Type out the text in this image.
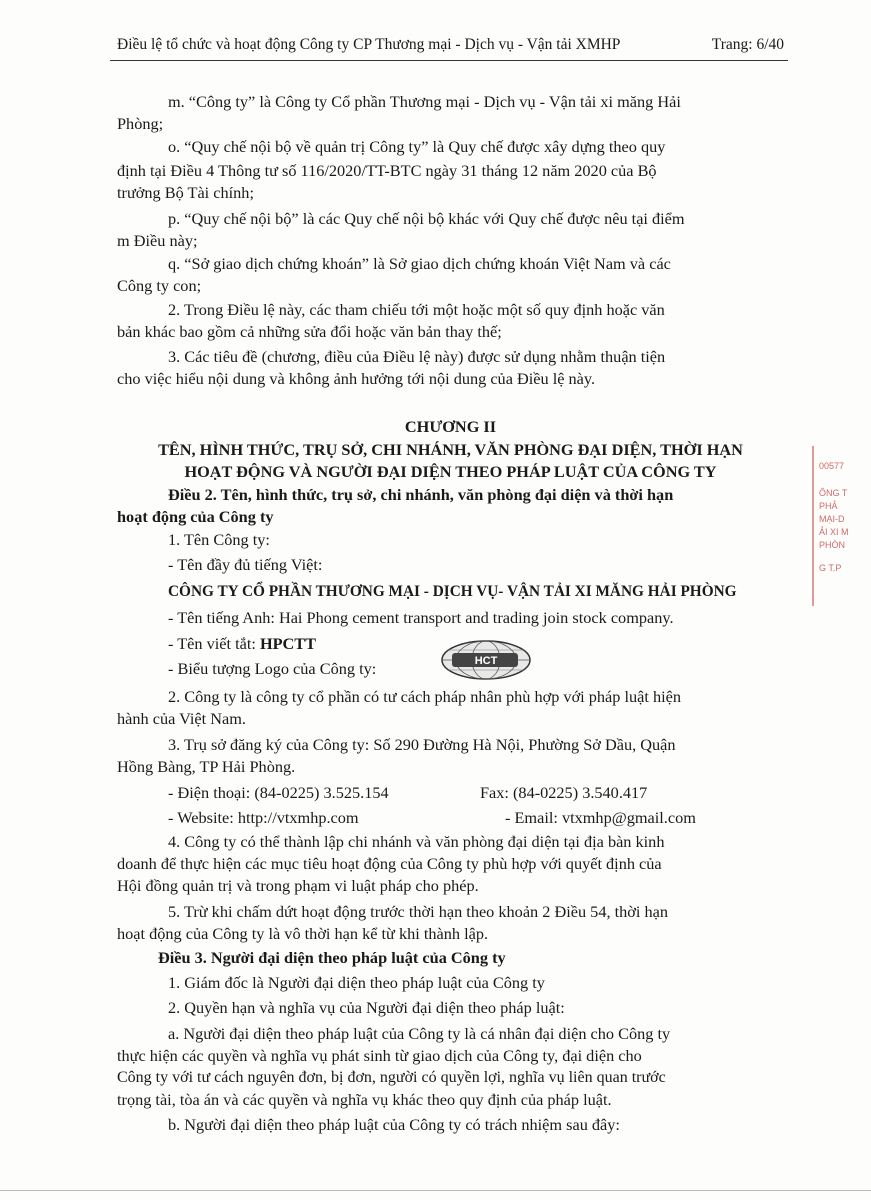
Điều lệ tổ chức và hoạt động Công ty CP Thương mại - Dịch vụ - Vận tải XMHP	Trang: 6/40
m. “Công ty” là Công ty Cổ phần Thương mại - Dịch vụ - Vận tải xi măng Hải
Phòng;
o. “Quy chế nội bộ về quản trị Công ty” là Quy chế được xây dựng theo quy
định tại Điều 4 Thông tư số 116/2020/TT-BTC ngày 31 tháng 12 năm 2020 của Bộ
trưởng Bộ Tài chính;
p. “Quy chế nội bộ” là các Quy chế nội bộ khác với Quy chế được nêu tại điểm
m Điều này;
q. “Sở giao dịch chứng khoán” là Sở giao dịch chứng khoán Việt Nam và các
Công ty con;
2. Trong Điều lệ này, các tham chiếu tới một hoặc một số quy định hoặc văn
bản khác bao gồm cả những sửa đổi hoặc văn bản thay thế;
3. Các tiêu đề (chương, điều của Điều lệ này) được sử dụng nhằm thuận tiện
cho việc hiểu nội dung và không ảnh hưởng tới nội dung của Điều lệ này.
CHƯƠNG II
TÊN, HÌNH THỨC, TRỤ SỞ, CHI NHÁNH, VĂN PHÒNG ĐẠI DIỆN, THỜI HẠN
HOẠT ĐỘNG VÀ NGƯỜI ĐẠI DIỆN THEO PHÁP LUẬT CỦA CÔNG TY
Điều 2. Tên, hình thức, trụ sở, chi nhánh, văn phòng đại diện và thời hạn
hoạt động của Công ty
1. Tên Công ty:
- Tên đầy đủ tiếng Việt:
CÔNG TY CỔ PHẦN THƯƠNG MẠI - DỊCH VỤ- VẬN TẢI XI MĂNG HẢI PHÒNG
- Tên tiếng Anh: Hai Phong cement transport and trading join stock company.
- Tên viết tắt: HPCTT
- Biểu tượng Logo của Công ty:	HCT
2. Công ty là công ty cổ phần có tư cách pháp nhân phù hợp với pháp luật hiện
hành của Việt Nam.
3. Trụ sở đăng ký của Công ty: Số 290 Đường Hà Nội, Phường Sở Dầu, Quận
Hồng Bàng, TP Hải Phòng.
- Điện thoại: (84-0225) 3.525.154	Fax: (84-0225) 3.540.417
- Website: http://vtxmhp.com	- Email: vtxmhp@gmail.com
4. Công ty có thể thành lập chi nhánh và văn phòng đại diện tại địa bàn kinh
doanh để thực hiện các mục tiêu hoạt động của Công ty phù hợp với quyết định của
Hội đồng quản trị và trong phạm vi luật pháp cho phép.
5. Trừ khi chấm dứt hoạt động trước thời hạn theo khoản 2 Điều 54, thời hạn
hoạt động của Công ty là vô thời hạn kể từ khi thành lập.
Điều 3. Người đại diện theo pháp luật của Công ty
1. Giám đốc là Người đại diện theo pháp luật của Công ty
2. Quyền hạn và nghĩa vụ của Người đại diện theo pháp luật:
a. Người đại diện theo pháp luật của Công ty là cá nhân đại diện cho Công ty
thực hiện các quyền và nghĩa vụ phát sinh từ giao dịch của Công ty, đại diện cho
Công ty với tư cách nguyên đơn, bị đơn, người có quyền lợi, nghĩa vụ liên quan trước
trọng tài, tòa án và các quyền và nghĩa vụ khác theo quy định của pháp luật.
b. Người đại diện theo pháp luật của Công ty có trách nhiệm sau đây:
00577
ÔNG T
PHẢ
MẠI-D
ẢI XI M
PHÒN
G T.P
